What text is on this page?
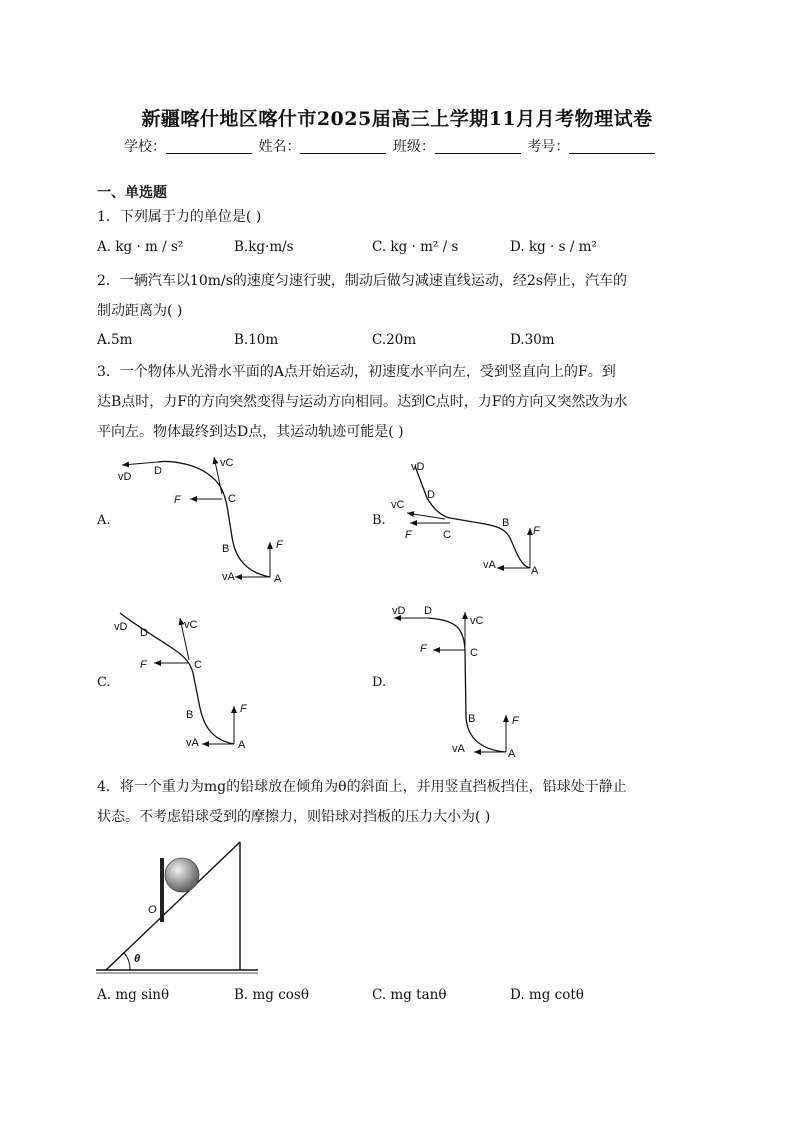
新疆喀什地区喀什市2025届高三上学期11月月考物理试卷
学校：	姓名：	班级：	考号：
一、单选题
1．下列属于力的单位是( )
A. kg · m / s²	B.kg·m/s	C. kg · m² / s	D. kg · s / m²
2．一辆汽车以10m/s的速度匀速行驶，制动后做匀减速直线运动，经2s停止，汽车的
制动距离为( )
A.5m	B.10m	C.20m	D.30m
3．一个物体从光滑水平面的A点开始运动，初速度水平向左，受到竖直向上的F。到
达B点时，力F的方向突然变得与运动方向相同。达到C点时，力F的方向又突然改为水
平向左。物体最终到达D点，其运动轨迹可能是( )
A.	B.
C.	D.
A
vA
F
B
C
F
vC
D
vD
A
vA
F
B
C
F
vC
D
vD
A
vA
F
B
C
F
vC
D
vD
A
vA
F
B
C
F
vC
D
vD
4．将一个重力为mg的铅球放在倾角为θ的斜面上，并用竖直挡板挡住，铅球处于静止
状态。不考虑铅球受到的摩擦力，则铅球对挡板的压力大小为( )
O
θ
A. mg sinθ	B. mg cosθ	C. mg tanθ	D. mg cotθ
